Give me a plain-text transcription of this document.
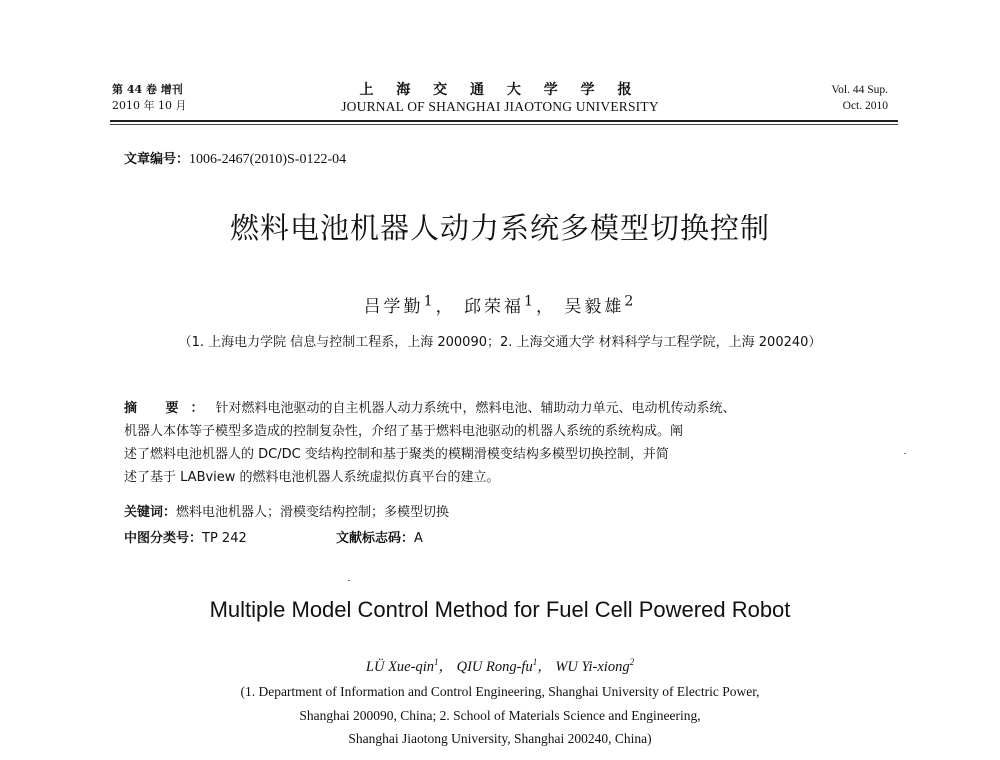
第 44 卷 增刊
2010 年 10 月
上 海 交 通 大 学 学 报
JOURNAL OF SHANGHAI JIAOTONG UNIVERSITY
Vol. 44 Sup.
Oct. 2010
文章编号：1006-2467(2010)S-0122-04
燃料电池机器人动力系统多模型切换控制
吕学勤$^1$， 邱荣福$^1$， 吴毅雄$^2$
（1. 上海电力学院 信息与控制工程系，上海 200090；2. 上海交通大学 材料科学与工程学院，上海 200240）
摘 要：针对燃料电池驱动的自主机器人动力系统中，燃料电池、辅助动力单元、电动机传动系统、
机器人本体等子模型多造成的控制复杂性，介绍了基于燃料电池驱动的机器人系统的系统构成。阐
述了燃料电池机器人的 DC/DC 变结构控制和基于聚类的模糊滑模变结构多模型切换控制，并简
述了基于 LABview 的燃料电池机器人系统虚拟仿真平台的建立。
关键词：燃料电池机器人；滑模变结构控制；多模型切换
中图分类号：TP 242	文献标志码：A
Multiple Model Control Method for Fuel Cell Powered Robot
LÜ Xue-qin$^1$， QIU Rong-$fu^1$， WU Yi-xiong$^2$
(1. Department of Information and Control Engineering, Shanghai University of Electric Power,
Shanghai 200090, China; 2. School of Materials Science and Engineering,
Shanghai Jiaotong University, Shanghai 200240, China)
